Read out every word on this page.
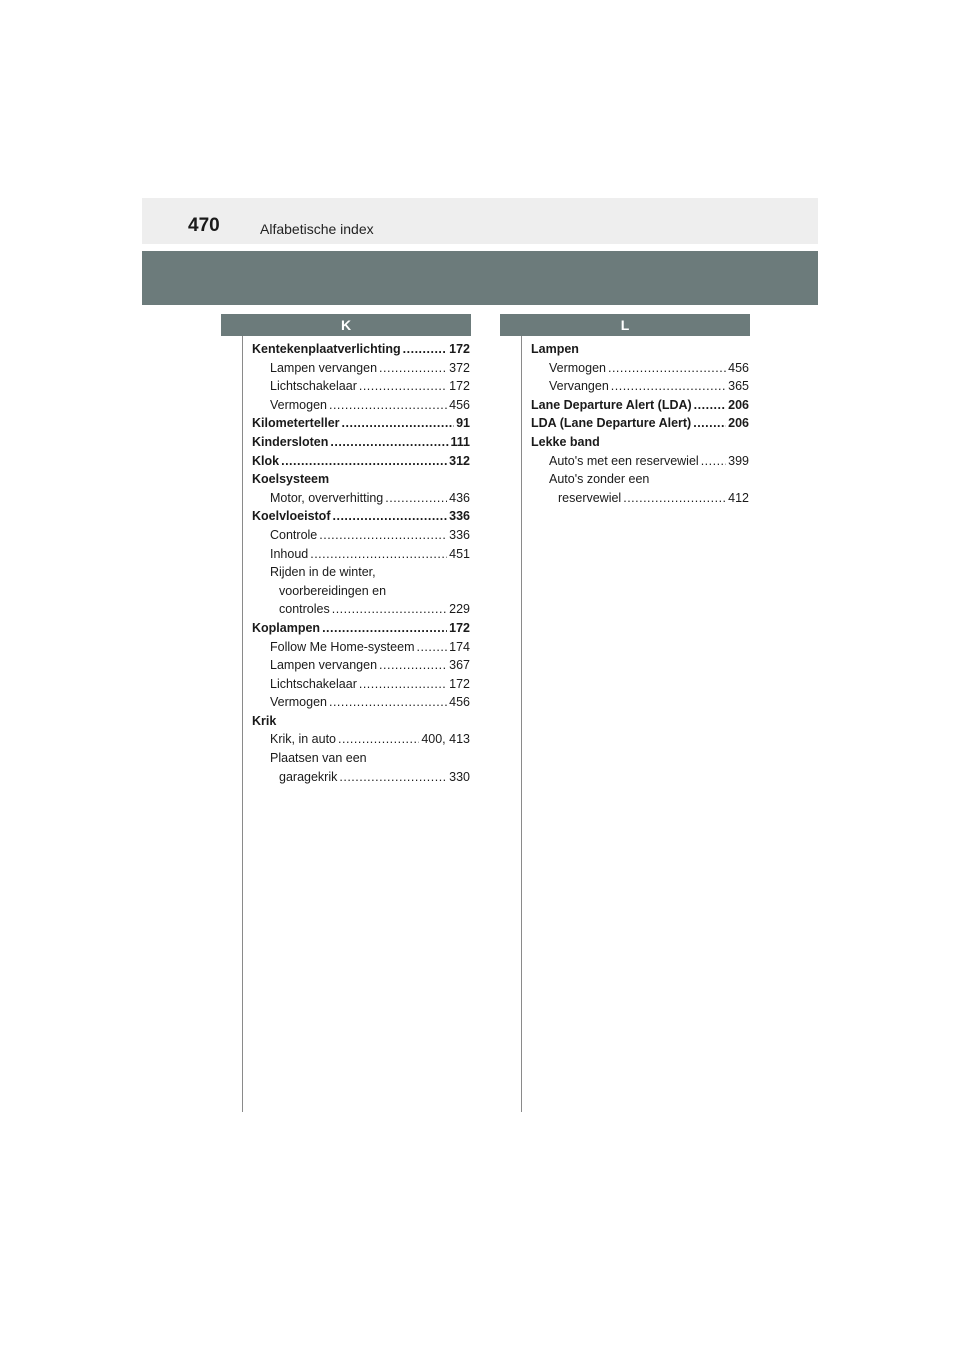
470	Alfabetische index
K	L
Kentekenplaatverlichting .....	172
Lampen vervangen .....	372
Lichtschakelaar .....	172
Vermogen .....	456
Kilometerteller .....	91
Kindersloten .....	111
Klok .....	312
Koelsysteem
Motor, oververhitting .....	436
Koelvloeistof .....	336
Controle .....	336
Inhoud .....	451
Rijden in de winter,
voorbereidingen en
controles .....	229
Koplampen .....	172
Follow Me Home-systeem .....	174
Lampen vervangen .....	367
Lichtschakelaar .....	172
Vermogen .....	456
Krik
Krik, in auto .....	400, 413
Plaatsen van een
garagekrik .....	330
Lampen
Vermogen .....	456
Vervangen .....	365
Lane Departure Alert (LDA) .....	206
LDA (Lane Departure Alert) .....	206
Lekke band
Auto's met een reservewiel ..... 399
Auto's zonder een
reservewiel .....	412
